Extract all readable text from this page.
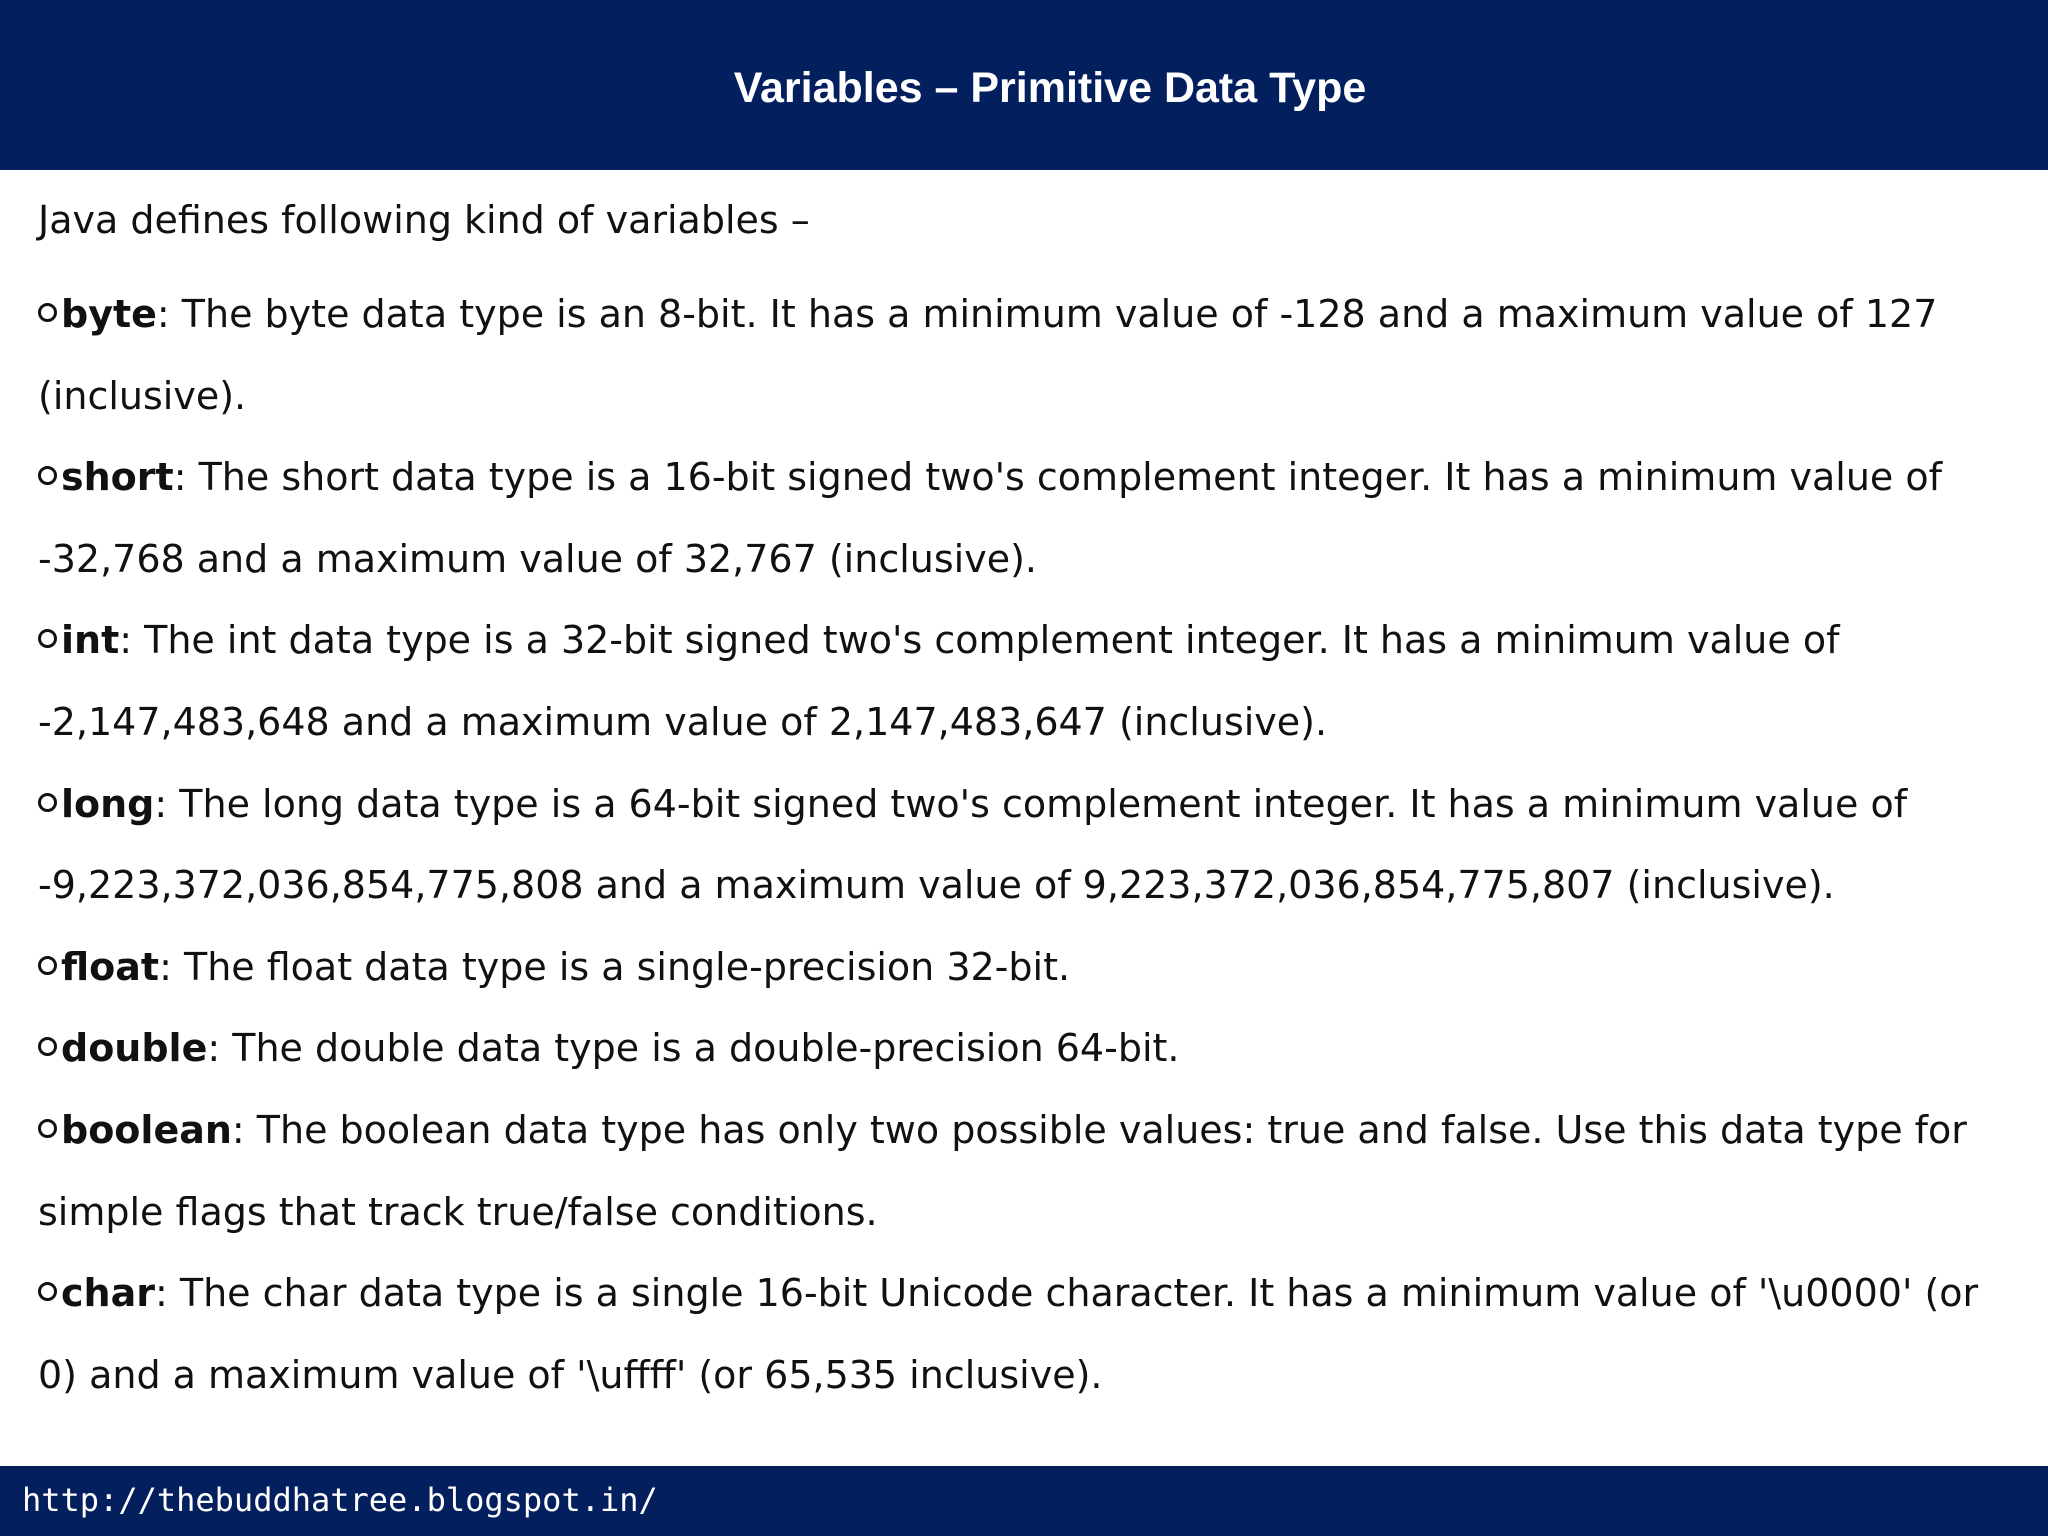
Variables – Primitive Data Type

Java defines following kind of variables –

byte: The byte data type is an 8-bit. It has a minimum value of -128 and a maximum value of 127 (inclusive).

short: The short data type is a 16-bit signed two's complement integer. It has a minimum value of -32,768 and a maximum value of 32,767 (inclusive).

int: The int data type is a 32-bit signed two's complement integer. It has a minimum value of -2,147,483,648 and a maximum value of 2,147,483,647 (inclusive).

long: The long data type is a 64-bit signed two's complement integer. It has a minimum value of -9,223,372,036,854,775,808 and a maximum value of 9,223,372,036,854,775,807 (inclusive).

float: The float data type is a single-precision 32-bit.

double: The double data type is a double-precision 64-bit.

boolean: The boolean data type has only two possible values: true and false. Use this data type for simple flags that track true/false conditions.

char: The char data type is a single 16-bit Unicode character. It has a minimum value of '\u0000' (or 0) and a maximum value of '\uffff' (or 65,535 inclusive).

http://thebuddhatree.blogspot.in/
